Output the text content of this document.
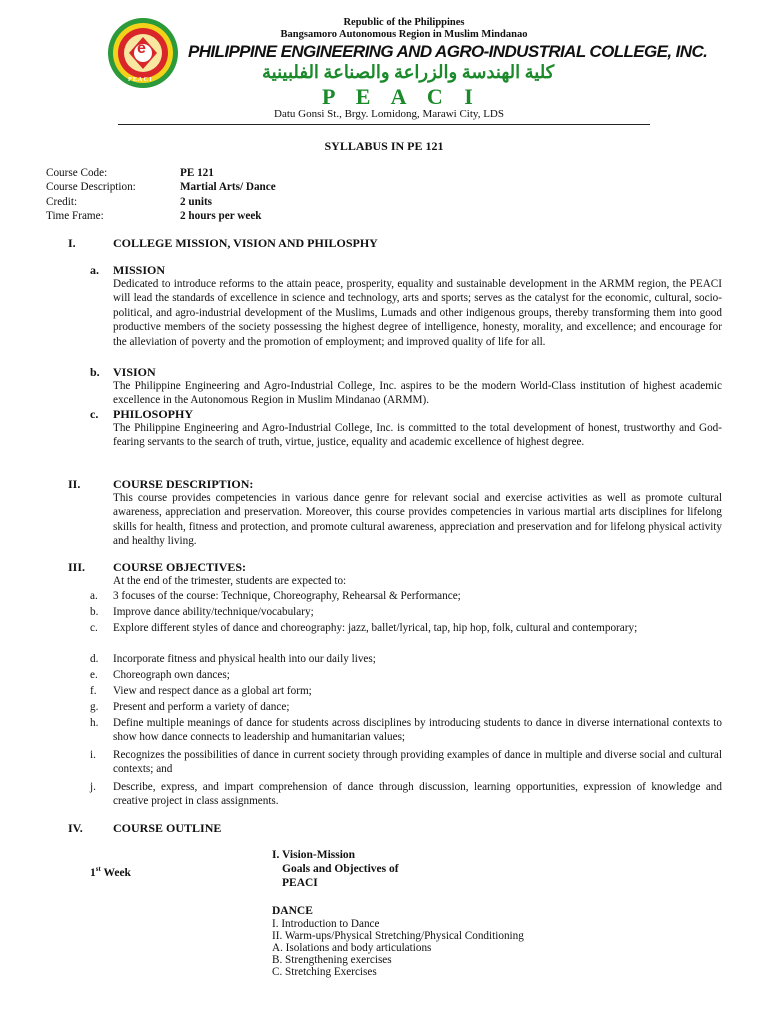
e
P E A C I
Republic of the Philippines
Bangsamoro Autonomous Region in Muslim Mindanao
PHILIPPINE ENGINEERING AND AGRO-INDUSTRIAL COLLEGE, INC.
كلية الهندسة والزراعة والصناعة الفلبينية
P E A C I
Datu Gonsi St., Brgy. Lomidong, Marawi City, LDS
SYLLABUS IN PE 121
Course Code:	PE 121
Course Description:	Martial Arts/ Dance
Credit:	2 units
Time Frame:	2 hours per week
I.	COLLEGE MISSION, VISION AND PHILOSPHY
a. MISSION
Dedicated to introduce reforms to the attain peace, prosperity, equality and sustainable development in the ARMM region, the PEACI will lead the standards of excellence in science and technology, arts and sports; serves as the catalyst for the economic, cultural, socio-political, and agro-industrial development of the Muslims, Lumads and other indigenous groups, thereby transforming them into good productive members of the society possessing the highest degree of intelligence, honesty, morality, and excellence; and encourage for the alleviation of poverty and the promotion of employment; and improved quality of life for all.
b. VISION
The Philippine Engineering and Agro-Industrial College, Inc. aspires to be the modern World-Class institution of highest academic excellence in the Autonomous Region in Muslim Mindanao (ARMM).
c. PHILOSOPHY
The Philippine Engineering and Agro-Industrial College, Inc. is committed to the total development of honest, trustworthy and God-fearing servants to the search of truth, virtue, justice, equality and academic excellence of highest degree.
II.	COURSE DESCRIPTION:
This course provides competencies in various dance genre for relevant social and exercise activities as well as promote cultural awareness, appreciation and preservation. Moreover, this course provides competencies in various martial arts disciplines for lifelong skills for health, fitness and protection, and promote cultural awareness, appreciation and preservation and for lifelong physical activity and healthy living.
III. COURSE OBJECTIVES:
At the end of the trimester, students are expected to:
a. 3 focuses of the course: Technique, Choreography, Rehearsal & Performance;
b. Improve dance ability/technique/vocabulary;
c. Explore different styles of dance and choreography: jazz, ballet/lyrical, tap, hip hop, folk, cultural and contemporary;
d. Incorporate fitness and physical health into our daily lives;
e. Choreograph own dances;
f. View and respect dance as a global art form;
g. Present and perform a variety of dance;
h. Define multiple meanings of dance for students across disciplines by introducing students to dance in diverse international contexts to show how dance connects to leadership and humanitarian values;
i. Recognizes the possibilities of dance in current society through providing examples of dance in multiple and diverse social and cultural contexts; and
j. Describe, express, and impart comprehension of dance through discussion, learning opportunities, expression of knowledge and creative project in class assignments.
IV.	COURSE OUTLINE
1st Week
I. Vision-Mission
Goals and Objectives of
PEACI
DANCE
I. Introduction to Dance
II. Warm-ups/Physical Stretching/Physical Conditioning
A. Isolations and body articulations
B. Strengthening exercises
C. Stretching Exercises
